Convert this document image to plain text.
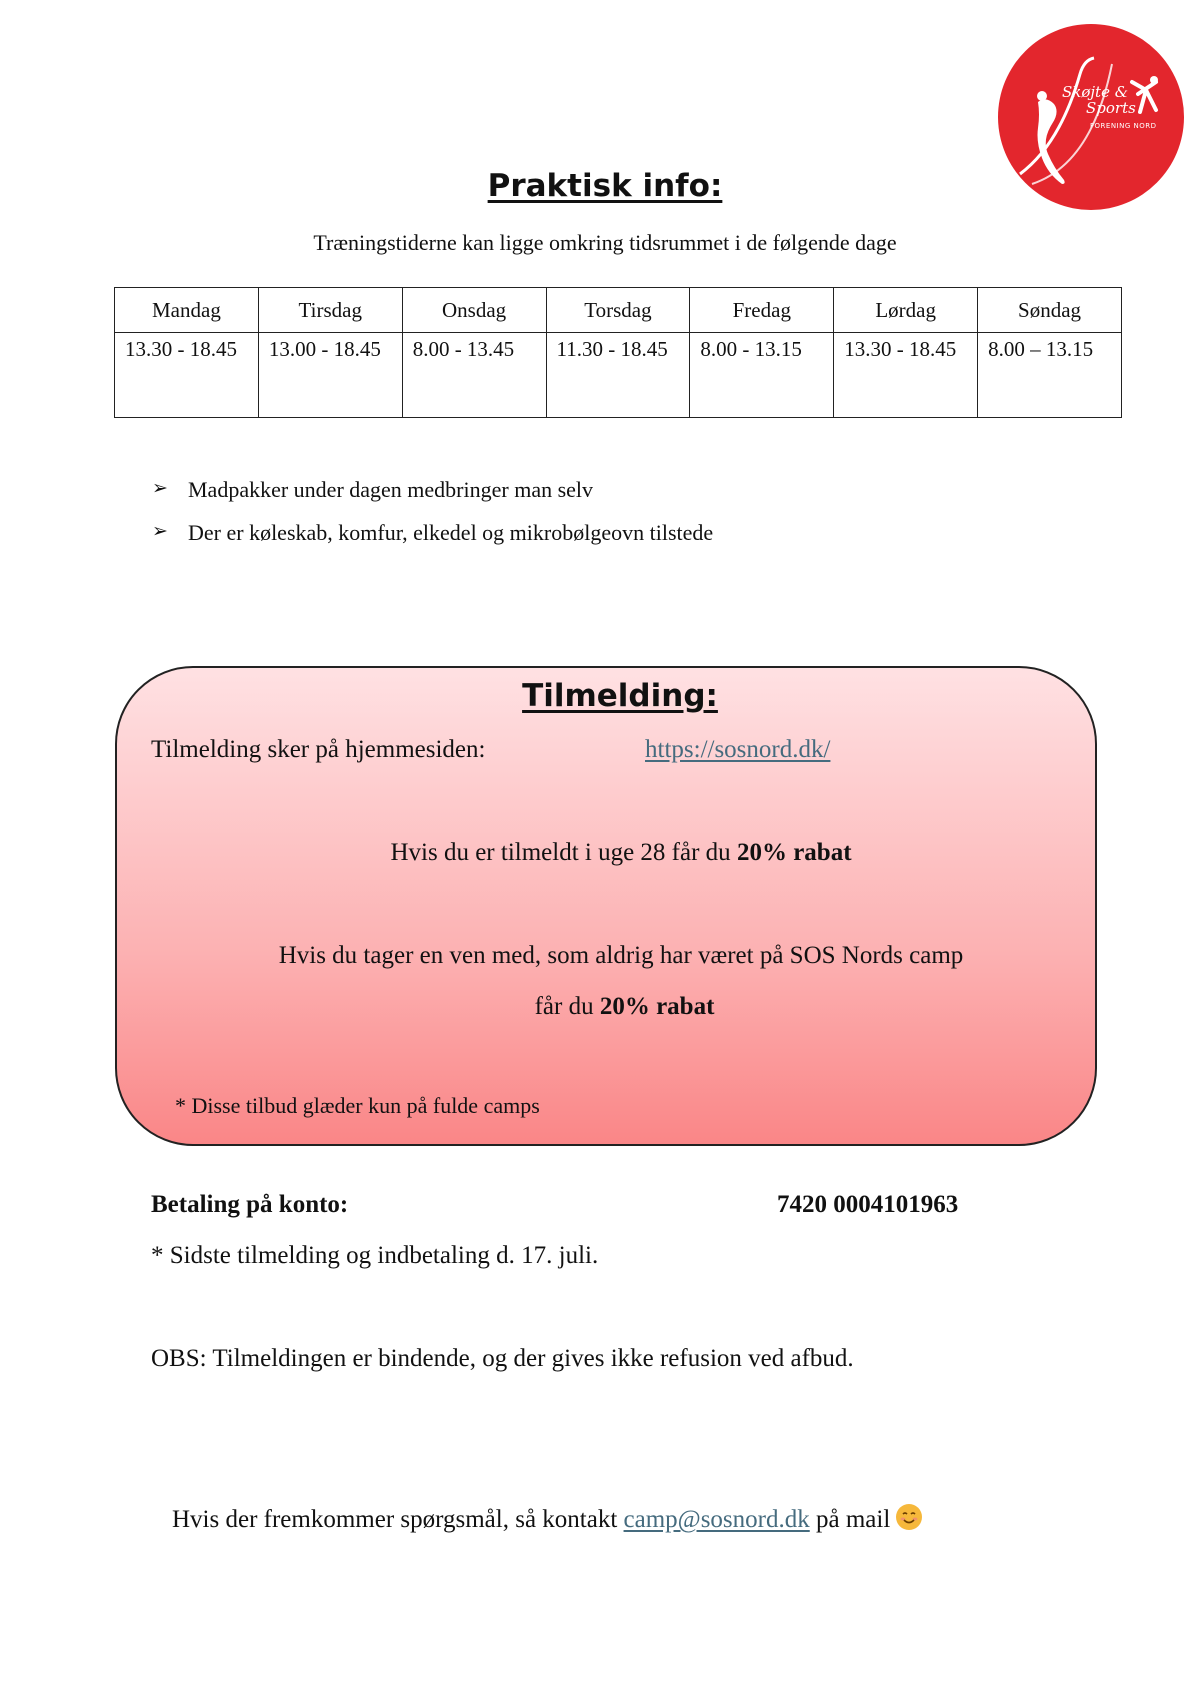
Skøjte &
Sports
FORENING NORD
Praktisk info:
Træningstiderne kan ligge omkring tidsrummet i de følgende dage
Mandag	Tirsdag	Onsdag	Torsdag	Fredag	Lørdag	Søndag
13.30 - 18.45	13.00 - 18.45	8.00 - 13.45	11.30 - 18.45	8.00 - 13.15	13.30 - 18.45	8.00 – 13.15
➢ Madpakker under dagen medbringer man selv
➢ Der er køleskab, komfur, elkedel og mikrobølgeovn tilstede
Tilmelding:
Tilmelding sker på hjemmesiden:	https://sosnord.dk/
Hvis du er tilmeldt i uge 28 får du 20% rabat
Hvis du tager en ven med, som aldrig har været på SOS Nords camp
får du 20% rabat
* Disse tilbud glæder kun på fulde camps
Betaling på konto:	7420 0004101963
* Sidste tilmelding og indbetaling d. 17. juli.
OBS: Tilmeldingen er bindende, og der gives ikke refusion ved afbud.
Hvis der fremkommer spørgsmål, så kontakt camp@sosnord.dk på mail
